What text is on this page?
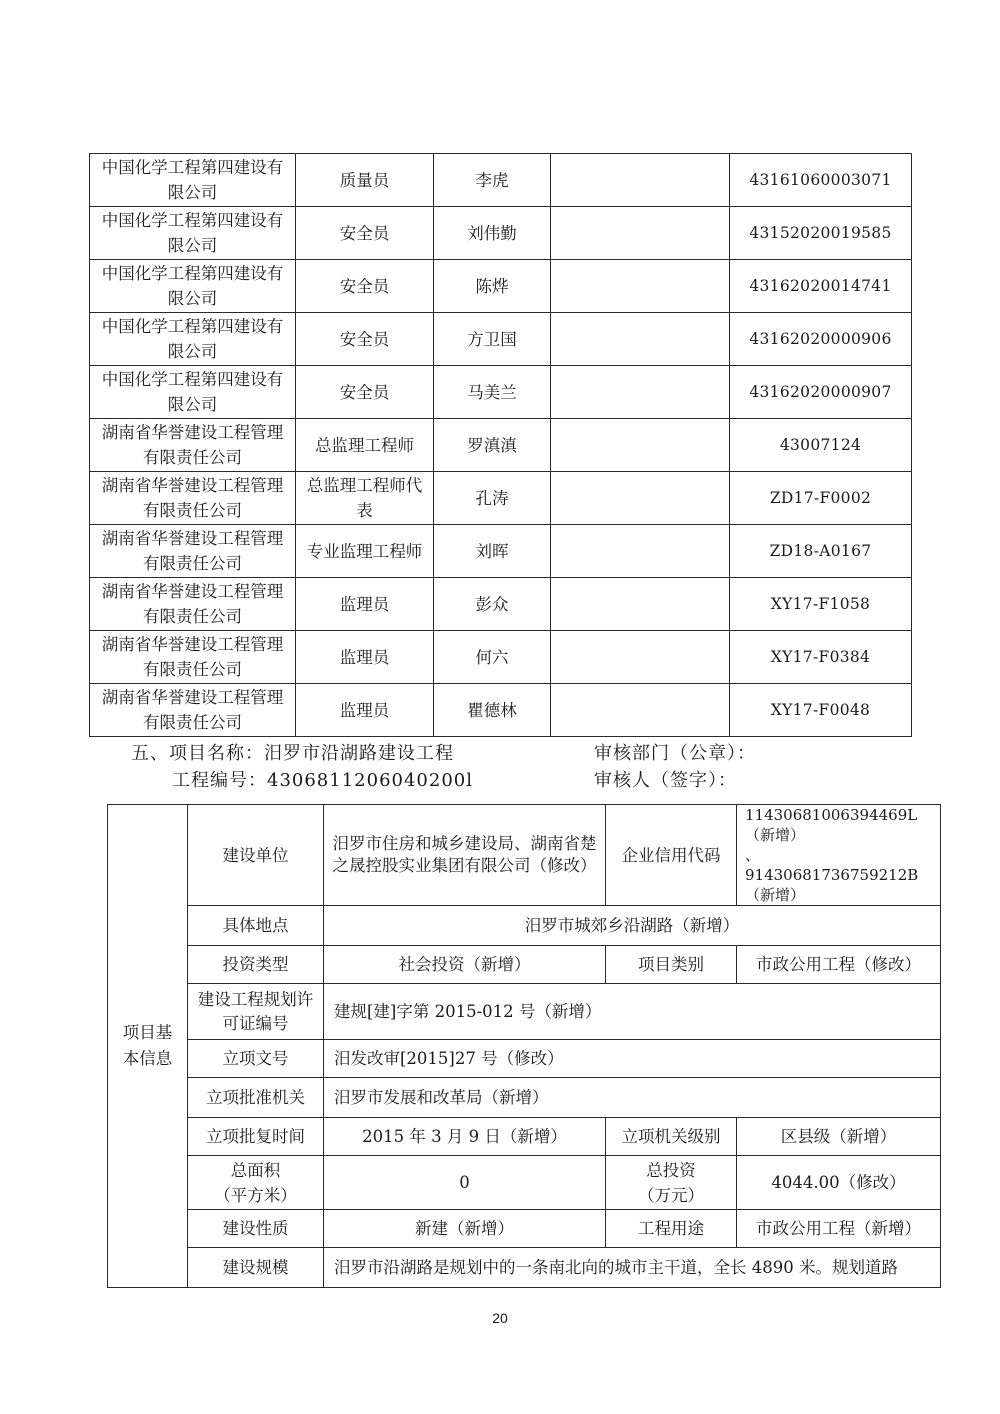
中国化学工程第四建设有限公司	质量员	李虎		43161060003071
中国化学工程第四建设有限公司	安全员	刘伟勤		43152020019585
中国化学工程第四建设有限公司	安全员	陈烨		43162020014741
中国化学工程第四建设有限公司	安全员	方卫国		43162020000906
中国化学工程第四建设有限公司	安全员	马美兰		43162020000907
湖南省华誉建设工程管理有限责任公司	总监理工程师	罗滇滇		43007124
湖南省华誉建设工程管理有限责任公司	总监理工程师代表	孔涛		ZD17-F0002
湖南省华誉建设工程管理有限责任公司	专业监理工程师	刘晖		ZD18-A0167
湖南省华誉建设工程管理有限责任公司	监理员	彭众		XY17-F1058
湖南省华誉建设工程管理有限责任公司	监理员	何六		XY17-F0384
湖南省华誉建设工程管理有限责任公司	监理员	瞿德林		XY17-F0048
五、项目名称：汨罗市沿湖路建设工程
工程编号：4306811206040200l
审核部门（公章）：
审核人（签字）：
项目基本信息	建设单位	汨罗市住房和城乡建设局、湖南省楚之晟控股实业集团有限公司（修改）	企业信用代码	11430681006394469L
（新增）
、 91430681736759212B
（新增）

	具体地点	汨罗市城郊乡沿湖路（新增）		
	投资类型	社会投资（新增）	项目类别	市政公用工程（修改）
	建设工程规划许可证编号	建规[建]字第 2015-012 号（新增）		
	立项文号	汨发改审[2015]27 号（修改）		
	立项批准机关	汨罗市发展和改革局（新增）		
	立项批复时间	2015 年 3 月 9 日（新增）	立项机关级别	区县级（新增）

	总面积
（平方米）	0	总投资
（万元）	4044.00（修改）
	建设性质	新建（新增）	工程用途	市政公用工程（新增）
	建设规模	汨罗市沿湖路是规划中的一条南北向的城市主干道，全长 4890 米。规划道路		
20
